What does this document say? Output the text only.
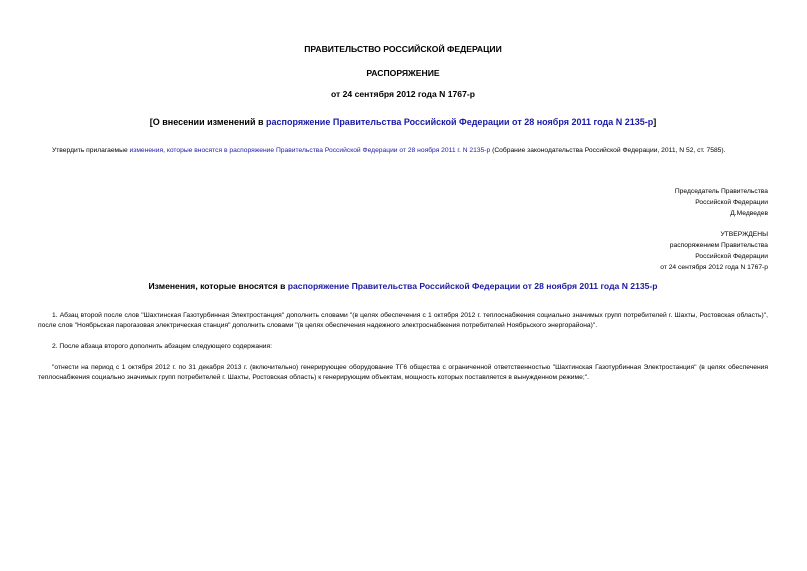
ПРАВИТЕЛЬСТВО РОССИЙСКОЙ ФЕДЕРАЦИИ
РАСПОРЯЖЕНИЕ
от 24 сентября 2012 года N 1767-р
[О внесении изменений в распоряжение Правительства Российской Федерации от 28 ноября 2011 года N 2135-р]
Утвердить прилагаемые изменения, которые вносятся в распоряжение Правительства Российской Федерации от 28 ноября 2011 г. N 2135-р (Собрание законодательства Российской Федерации, 2011, N 52, ст. 7585).
Председатель Правительства
Российской Федерации
Д.Медведев
УТВЕРЖДЕНЫ
распоряжением Правительства
Российской Федерации
от 24 сентября 2012 года N 1767-р
Изменения, которые вносятся в распоряжение Правительства Российской Федерации от 28 ноября 2011 года N 2135-р
1. Абзац второй после слов "Шахтинская Газотурбинная Электростанция" дополнить словами "(в целях обеспечения с 1 октября 2012 г. теплоснабжения социально значимых групп потребителей г. Шахты, Ростовская область)", после слов "Ноябрьская парогазовая электрическая станция" дополнить словами "(в целях обеспечения надежного электроснабжения потребителей Ноябрьского энергорайона)".
2. После абзаца второго дополнить абзацем следующего содержания:
"отнести на период с 1 октября 2012 г. по 31 декабря 2013 г. (включительно) генерирующее оборудование ТГ6 общества с ограниченной ответственностью "Шахтинская Газотурбинная Электростанция" (в целях обеспечения теплоснабжения социально значимых групп потребителей г. Шахты, Ростовская область) к генерирующим объектам, мощность которых поставляется в вынужденном режиме;".
